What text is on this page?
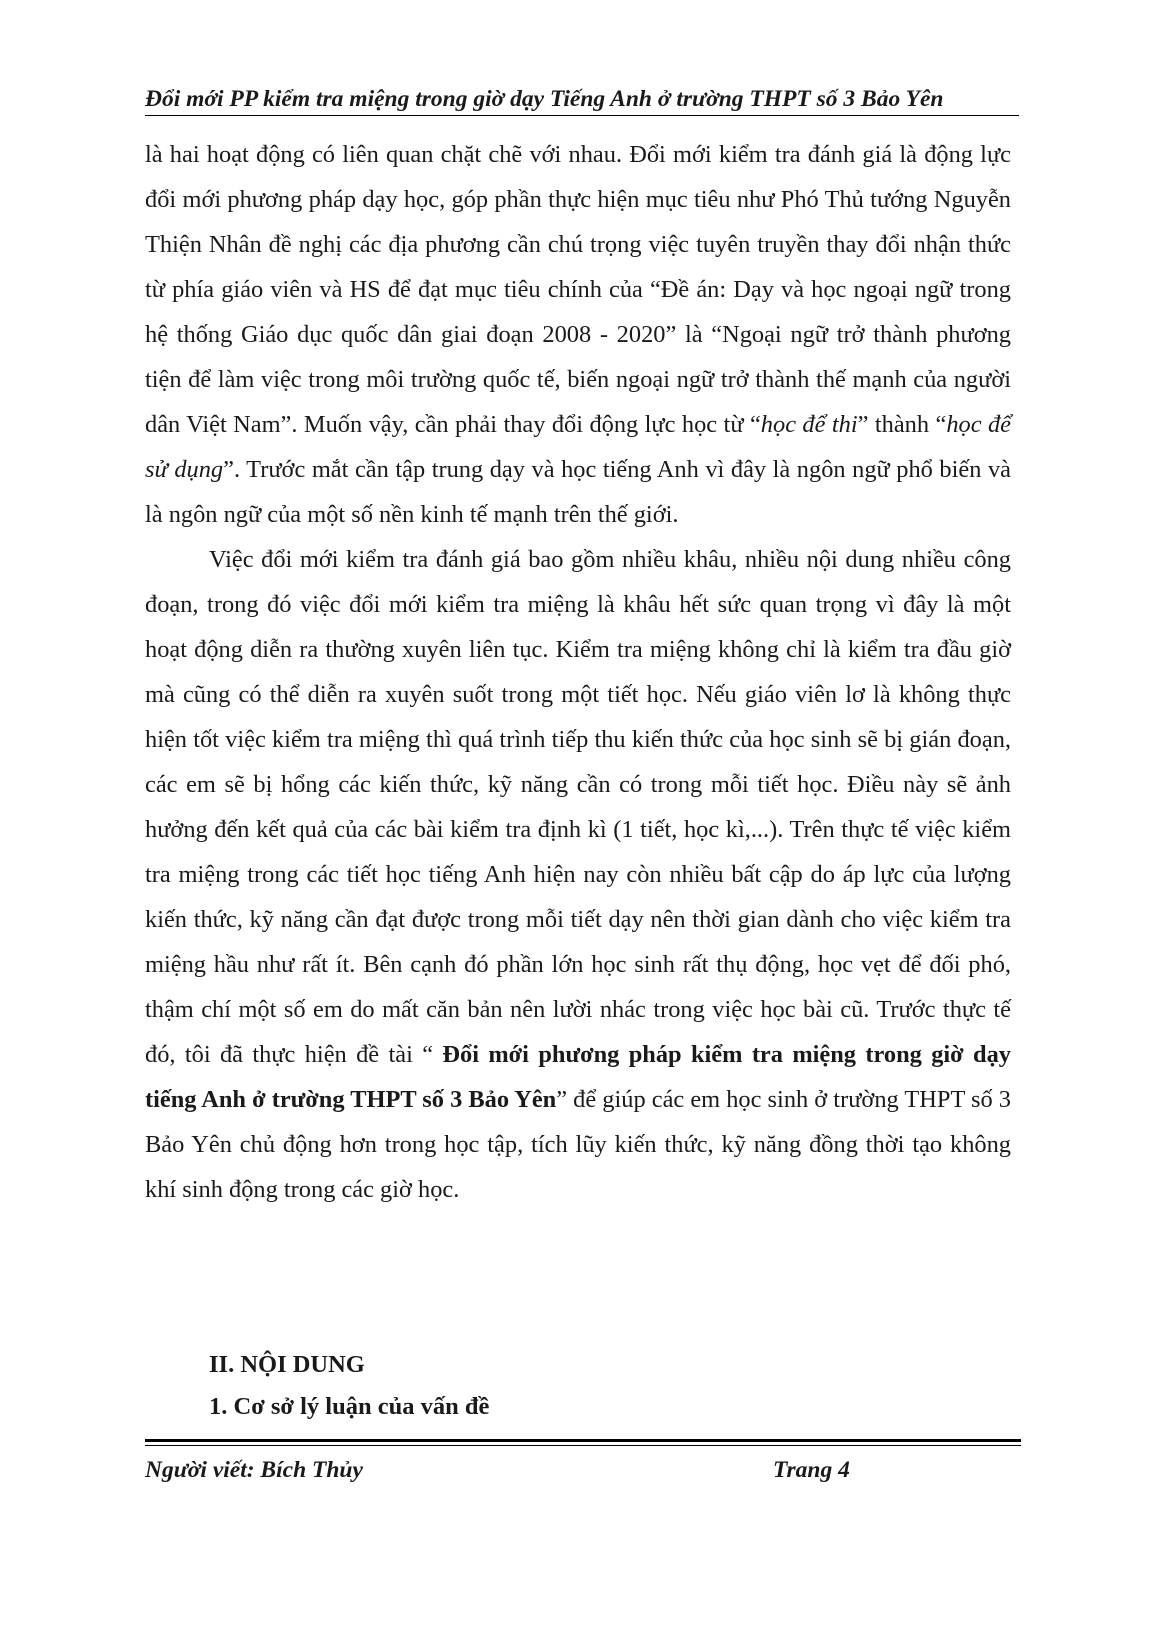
Đổi mới PP kiểm tra miệng trong giờ dạy Tiếng Anh ở trường THPT số 3 Bảo Yên

là hai hoạt động có liên quan chặt chẽ với nhau. Đổi mới kiểm tra đánh giá là động lực đổi mới phương pháp dạy học, góp phần thực hiện mục tiêu như Phó Thủ tướng Nguyễn Thiện Nhân đề nghị các địa phương cần chú trọng việc tuyên truyền thay đổi nhận thức từ phía giáo viên và HS để đạt mục tiêu chính của “Đề án: Dạy và học ngoại ngữ trong hệ thống Giáo dục quốc dân giai đoạn 2008 - 2020” là “Ngoại ngữ trở thành phương tiện để làm việc trong môi trường quốc tế, biến ngoại ngữ trở thành thế mạnh của người dân Việt Nam”. Muốn vậy, cần phải thay đổi động lực học từ “học để thi” thành “học để sử dụng”. Trước mắt cần tập trung dạy và học tiếng Anh vì đây là ngôn ngữ phổ biến và là ngôn ngữ của một số nền kinh tế mạnh trên thế giới.

Việc đổi mới kiểm tra đánh giá bao gồm nhiều khâu, nhiều nội dung nhiều công đoạn, trong đó việc đổi mới kiểm tra miệng là khâu hết sức quan trọng vì đây là một hoạt động diễn ra thường xuyên liên tục. Kiểm tra miệng không chỉ là kiểm tra đầu giờ mà cũng có thể diễn ra xuyên suốt trong một tiết học. Nếu giáo viên lơ là không thực hiện tốt việc kiểm tra miệng thì quá trình tiếp thu kiến thức của học sinh sẽ bị gián đoạn, các em sẽ bị hổng các kiến thức, kỹ năng cần có trong mỗi tiết học. Điều này sẽ ảnh hưởng đến kết quả của các bài kiểm tra định kì (1 tiết, học kì,...). Trên thực tế việc kiểm tra miệng trong các tiết học tiếng Anh hiện nay còn nhiều bất cập do áp lực của lượng kiến thức, kỹ năng cần đạt được trong mỗi tiết dạy nên thời gian dành cho việc kiểm tra miệng hầu như rất ít. Bên cạnh đó phần lớn học sinh rất thụ động, học vẹt để đối phó, thậm chí một số em do mất căn bản nên lười nhác trong việc học bài cũ. Trước thực tế đó, tôi đã thực hiện đề tài “ Đổi mới phương pháp kiểm tra miệng trong giờ dạy tiếng Anh ở trường THPT số 3 Bảo Yên” để giúp các em học sinh ở trường THPT số 3 Bảo Yên chủ động hơn trong học tập, tích lũy kiến thức, kỹ năng đồng thời tạo không khí sinh động trong các giờ học.

II. NỘI DUNG

1. Cơ sở lý luận của vấn đề

Người viết: Bích Thủy	Trang 4
